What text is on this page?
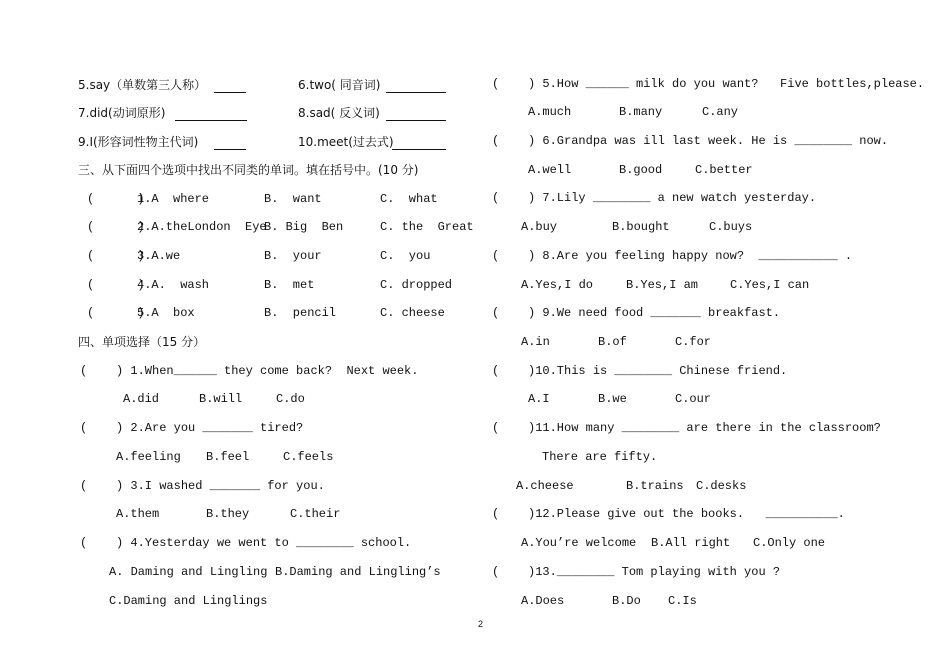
5.say（单数第三人称）	6.two( 同音词)
7.did(动词原形)	8.sad( 反义词)
9.I(形容词性物主代词)	10.meet(过去式)
三、从下面四个选项中找出不同类的单词。填在括号中。(10 分)
(      )
1.A  where	B.  want	C.  what
(      )
2.A.theLondon  Eye
B. Big  Ben	C. the  Great
(      )
3.A.we	B.  your	C.  you
(      )
4.A.  wash	B.  met	C. dropped
(      )
5.A  box	B.  pencil	C. cheese
四、单项选择（15 分）
(    ) 1.When______ they come back?  Next week.
A.did	B.will	C.do
(    ) 2.Are you _______ tired?
A.feeling B.feel	C.feels
(    ) 3.I washed _______ for you.
A.them	B.they	C.their
(    ) 4.Yesterday we went to ________ school.
A. Daming and Lingling B.Daming and Lingling’s
C.Daming and Linglings
(    ) 5.How ______ milk do you want?   Five bottles,please.
A.much	B.many	C.any
(    ) 6.Grandpa was ill last week. He is ________ now.
A.well	B.good	C.better
(    ) 7.Lily ________ a new watch yesterday.
A.buy	B.bought	C.buys
(    ) 8.Are you feeling happy now?  ___________ .
A.Yes,I do	B.Yes,I am	C.Yes,I can
(    ) 9.We need food _______ breakfast.
A.in	B.of	C.for
(    )10.This is ________ Chinese friend.
A.I	B.we	C.our
(    )11.How many ________ are there in the classroom?
There are fifty.
A.cheese	B.trains C.desks
(    )12.Please give out the books.   __________.
A.You’re welcome B.All right C.Only one
(    )13.________ Tom playing with you ?
A.Does	B.Do C.Is
2
